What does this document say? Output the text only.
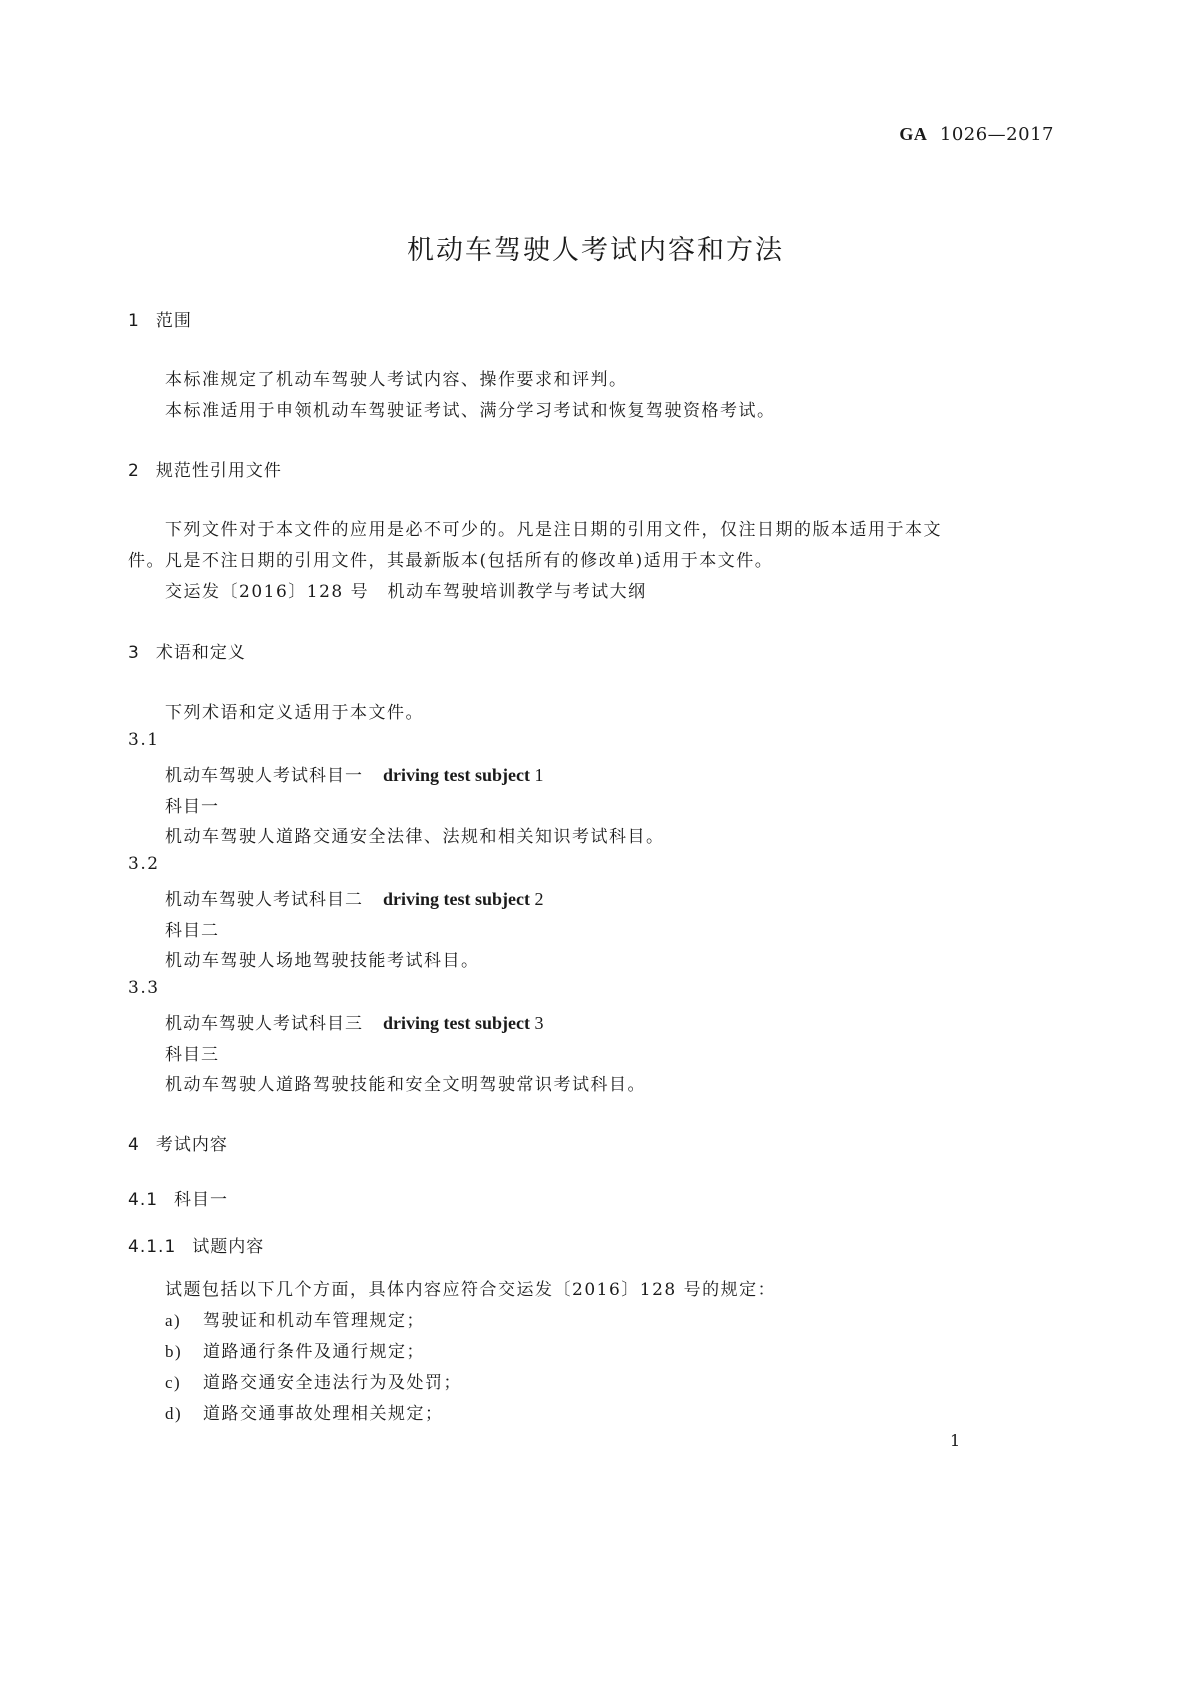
GA 1026—2017
机动车驾驶人考试内容和方法
1 范围
本标准规定了机动车驾驶人考试内容、操作要求和评判。
本标准适用于申领机动车驾驶证考试、满分学习考试和恢复驾驶资格考试。
2 规范性引用文件
下列文件对于本文件的应用是必不可少的。凡是注日期的引用文件，仅注日期的版本适用于本文
件。凡是不注日期的引用文件，其最新版本(包括所有的修改单)适用于本文件。
交运发〔2016〕128 号　机动车驾驶培训教学与考试大纲
3 术语和定义
下列术语和定义适用于本文件。
3.1
机动车驾驶人考试科目一 driving test subject 1
科目一
机动车驾驶人道路交通安全法律、法规和相关知识考试科目。
3.2
机动车驾驶人考试科目二 driving test subject 2
科目二
机动车驾驶人场地驾驶技能考试科目。
3.3
机动车驾驶人考试科目三 driving test subject 3
科目三
机动车驾驶人道路驾驶技能和安全文明驾驶常识考试科目。
4 考试内容
4.1 科目一
4.1.1 试题内容
试题包括以下几个方面，具体内容应符合交运发〔2016〕128 号的规定：
a) 驾驶证和机动车管理规定；
b) 道路通行条件及通行规定；
c) 道路交通安全违法行为及处罚；
d) 道路交通事故处理相关规定；
1
